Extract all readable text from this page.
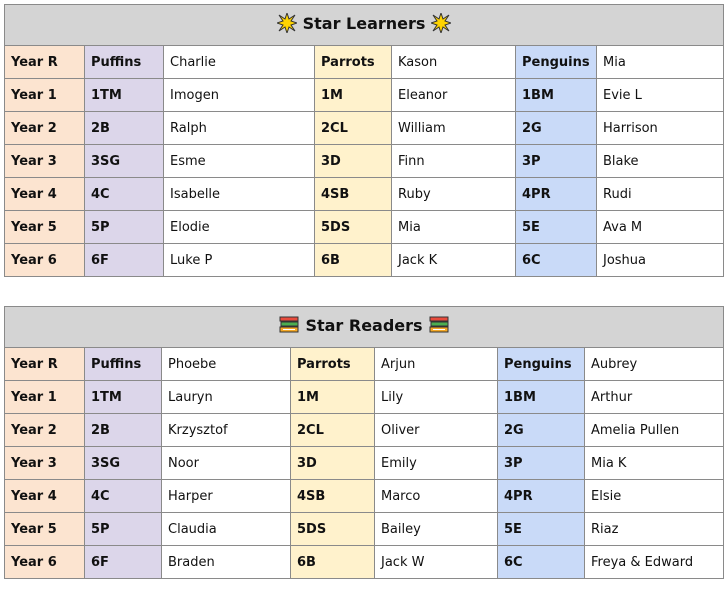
Star Learners						

Year R	Puffins	Charlie	Parrots	Kason	Penguins	Mia
Year 1	1TM	Imogen	1M	Eleanor	1BM	Evie L
Year 2	2B	Ralph	2CL	William	2G	Harrison
Year 3	3SG	Esme	3D	Finn	3P	Blake
Year 4	4C	Isabelle	4SB	Ruby	4PR	Rudi
Year 5	5P	Elodie	5DS	Mia	5E	Ava M
Year 6	6F	Luke P	6B	Jack K	6C	Joshua
Star Readers						

Year R	Puffins	Phoebe	Parrots	Arjun	Penguins	Aubrey
Year 1	1TM	Lauryn	1M	Lily	1BM	Arthur
Year 2	2B	Krzysztof	2CL	Oliver	2G	Amelia Pullen
Year 3	3SG	Noor	3D	Emily	3P	Mia K
Year 4	4C	Harper	4SB	Marco	4PR	Elsie
Year 5	5P	Claudia	5DS	Bailey	5E	Riaz
Year 6	6F	Braden	6B	Jack W	6C	Freya & Edward
